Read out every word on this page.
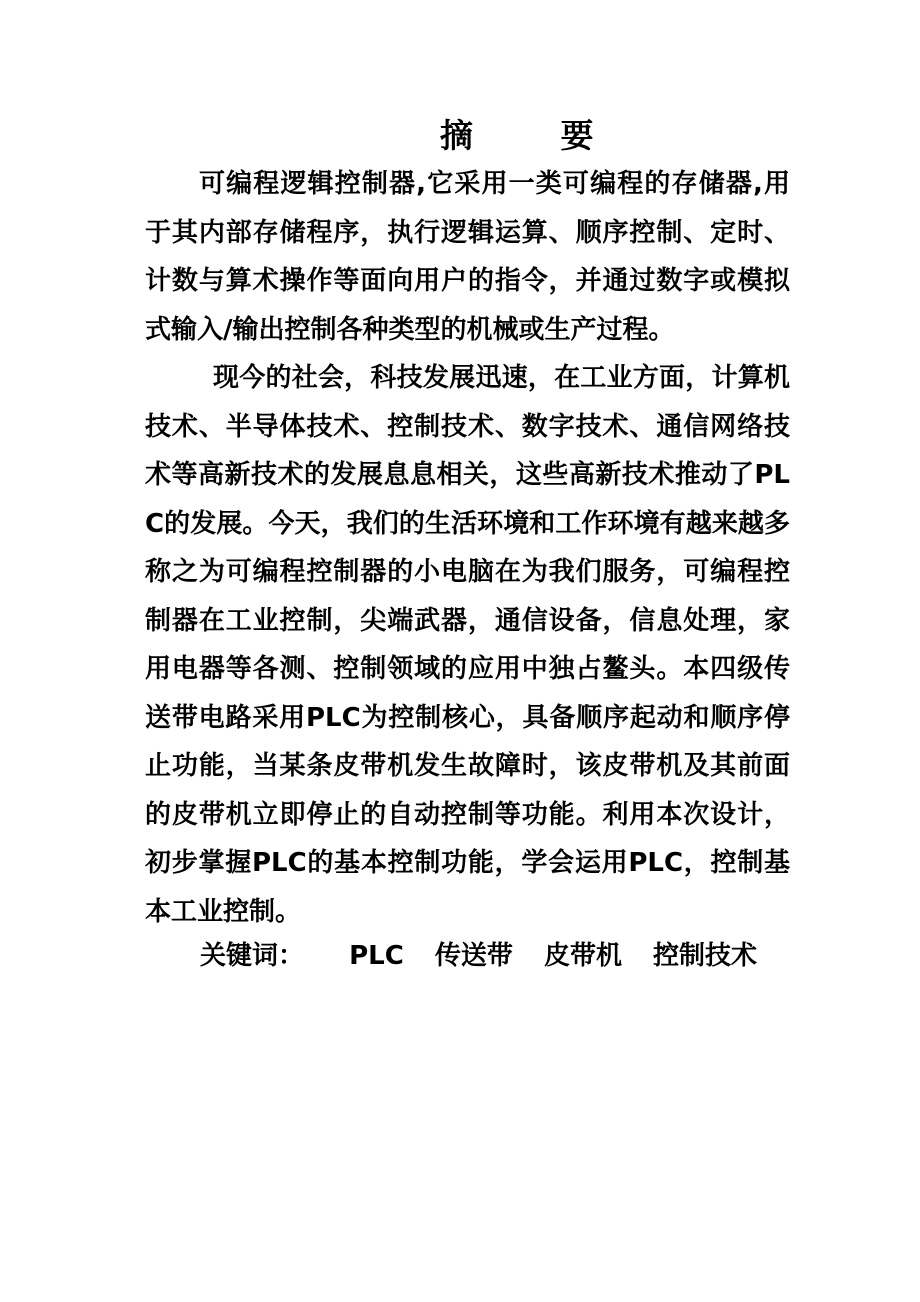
摘 要

可编程逻辑控制器,它采用一类可编程的存储器,用于其内部存储程序，执行逻辑运算、顺序控制、定时、计数与算术操作等面向用户的指令，并通过数字或模拟式输入/输出控制各种类型的机械或生产过程。

现今的社会，科技发展迅速，在工业方面，计算机技术、半导体技术、控制技术、数字技术、通信网络技术等高新技术的发展息息相关，这些高新技术推动了PLC的发展。今天，我们的生活环境和工作环境有越来越多称之为可编程控制器的小电脑在为我们服务，可编程控制器在工业控制，尖端武器，通信设备，信息处理，家用电器等各测、控制领域的应用中独占鳌头。本四级传送带电路采用PLC为控制核心，具备顺序起动和顺序停止功能，当某条皮带机发生故障时，该皮带机及其前面的皮带机立即停止的自动控制等功能。利用本次设计，初步掌握PLC的基本控制功能，学会运用PLC，控制基本工业控制。

关键词： PLC 传送带 皮带机 控制技术
